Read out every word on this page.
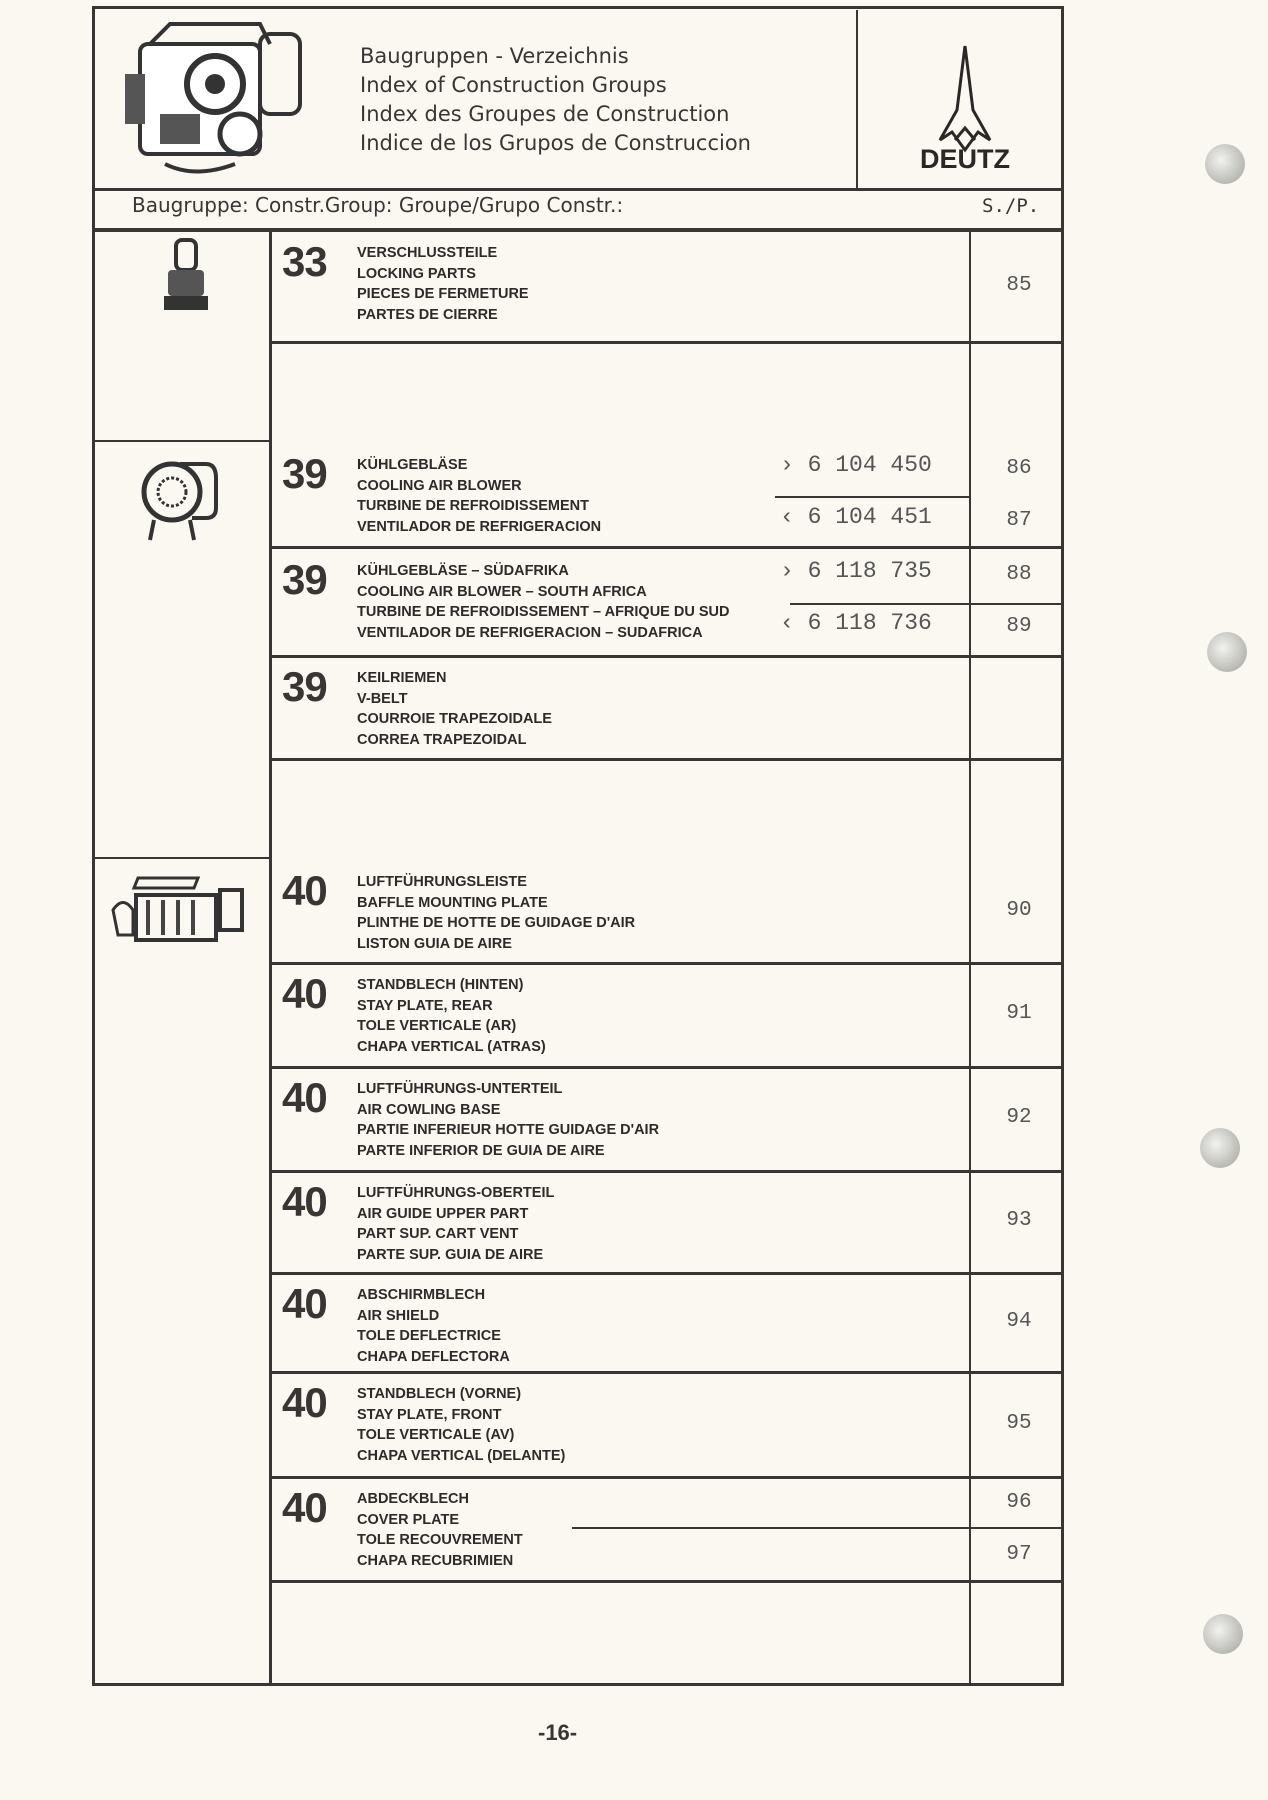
Baugruppen - Verzeichnis
Index of Construction Groups
Index des Groupes de Construction
Indice de los Grupos de Construccion
DEUTZ
Baugruppe: Constr.Group: Groupe/Grupo Constr.:	S./P.
33 VERSCHLUSSTEILE
LOCKING PARTS
PIECES DE FERMETURE
PARTES DE CIERRE
85
39 KÜHLGEBLÄSE
COOLING AIR BLOWER
TURBINE DE REFROIDISSEMENT
VENTILADOR DE REFRIGERACION
› 6 104 450
‹ 6 104 451
86
87
39 KÜHLGEBLÄSE – SÜDAFRIKA
COOLING AIR BLOWER – SOUTH AFRICA
TURBINE DE REFROIDISSEMENT – AFRIQUE DU SUD
VENTILADOR DE REFRIGERACION – SUDAFRICA
› 6 118 735
‹ 6 118 736
88
89
39 KEILRIEMEN
V-BELT
COURROIE TRAPEZOIDALE
CORREA TRAPEZOIDAL
40 LUFTFÜHRUNGSLEISTE
BAFFLE MOUNTING PLATE
PLINTHE DE HOTTE DE GUIDAGE D'AIR
LISTON GUIA DE AIRE
90
40 STANDBLECH (HINTEN)
STAY PLATE, REAR
TOLE VERTICALE (AR)
CHAPA VERTICAL (ATRAS)
91
40 LUFTFÜHRUNGS-UNTERTEIL
AIR COWLING BASE
PARTIE INFERIEUR HOTTE GUIDAGE D'AIR
PARTE INFERIOR DE GUIA DE AIRE
92
40 LUFTFÜHRUNGS-OBERTEIL
AIR GUIDE UPPER PART
PART SUP. CART VENT
PARTE SUP. GUIA DE AIRE
93
40 ABSCHIRMBLECH
AIR SHIELD
TOLE DEFLECTRICE
CHAPA DEFLECTORA
94
40 STANDBLECH (VORNE)
STAY PLATE, FRONT
TOLE VERTICALE (AV)
CHAPA VERTICAL (DELANTE)
95
40 ABDECKBLECH
COVER PLATE
TOLE RECOUVREMENT
CHAPA RECUBRIMIEN
96
97
-16-
